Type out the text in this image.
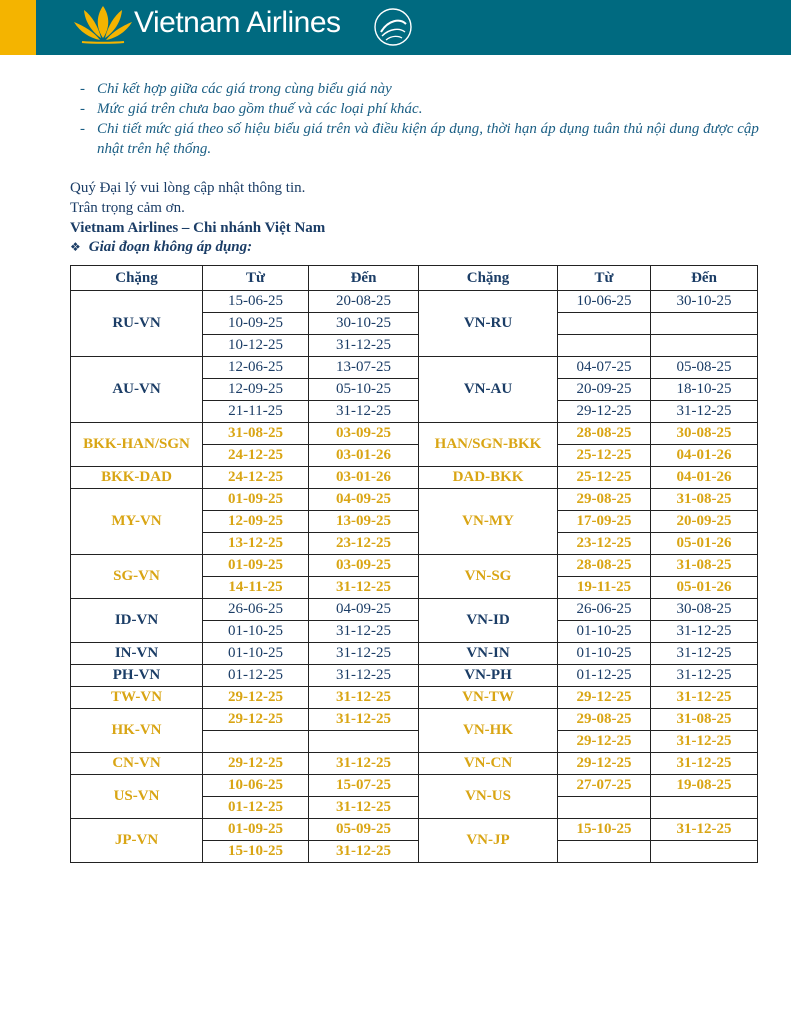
Vietnam Airlines
- Chỉ kết hợp giữa các giá trong cùng biểu giá này
- Mức giá trên chưa bao gồm thuế và các loại phí khác.
- Chi tiết mức giá theo số hiệu biểu giá trên và điều kiện áp dụng, thời hạn áp dụng tuân thủ nội dung được cập nhật trên hệ thống.
Quý Đại lý vui lòng cập nhật thông tin.
Trân trọng cảm ơn.
Vietnam Airlines – Chi nhánh Việt Nam
❖ Giai đoạn không áp dụng:
Chặng	Từ	Đến	Chặng	Từ	Đến
RU-VN	15-06-25	20-08-25	VN-RU	10-06-25	30-10-25
	10-09-25	30-10-25			
	10-12-25	31-12-25			
AU-VN	12-06-25	13-07-25	VN-AU	04-07-25	05-08-25
	12-09-25	05-10-25		20-09-25	18-10-25
	21-11-25	31-12-25		29-12-25	31-12-25
BKK-HAN/SGN	31-08-25	03-09-25	HAN/SGN-BKK	28-08-25	30-08-25
	24-12-25	03-01-26		25-12-25	04-01-26
BKK-DAD	24-12-25	03-01-26	DAD-BKK	25-12-25	04-01-26
MY-VN	01-09-25	04-09-25	VN-MY	29-08-25	31-08-25
	12-09-25	13-09-25		17-09-25	20-09-25
	13-12-25	23-12-25		23-12-25	05-01-26
SG-VN	01-09-25	03-09-25	VN-SG	28-08-25	31-08-25
	14-11-25	31-12-25		19-11-25	05-01-26
ID-VN	26-06-25	04-09-25	VN-ID	26-06-25	30-08-25
	01-10-25	31-12-25		01-10-25	31-12-25
IN-VN	01-10-25	31-12-25	VN-IN	01-10-25	31-12-25
PH-VN	01-12-25	31-12-25	VN-PH	01-12-25	31-12-25
TW-VN	29-12-25	31-12-25	VN-TW	29-12-25	31-12-25
HK-VN	29-12-25	31-12-25	VN-HK	29-08-25	31-08-25
				29-12-25	31-12-25
CN-VN	29-12-25	31-12-25	VN-CN	29-12-25	31-12-25
US-VN	10-06-25	15-07-25	VN-US	27-07-25	19-08-25
	01-12-25	31-12-25			
JP-VN	01-09-25	05-09-25	VN-JP	15-10-25	31-12-25
	15-10-25	31-12-25			
